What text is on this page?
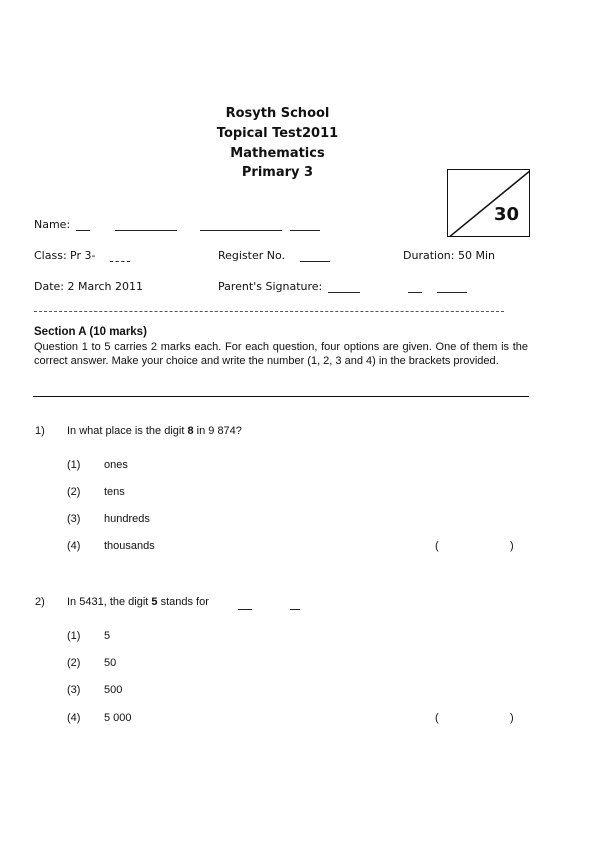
Rosyth School
Topical Test2011
Mathematics
Primary 3
30
Name:
Class: Pr 3-	Register No.	Duration: 50 Min
Date: 2 March 2011	Parent's Signature:
Section A (10 marks)
Question 1 to 5 carries 2 marks each. For each question, four options are given. One of them is the correct answer. Make your choice and write the number (1, 2, 3 and 4) in the brackets provided.
1) In what place is the digit 8 in 9 874?
(1) ones
(2) tens
(3) hundreds
(4) thousands	(	)
2) In 5431, the digit 5 stands for
(1) 5
(2) 50
(3) 500
(4) 5 000	(	)
